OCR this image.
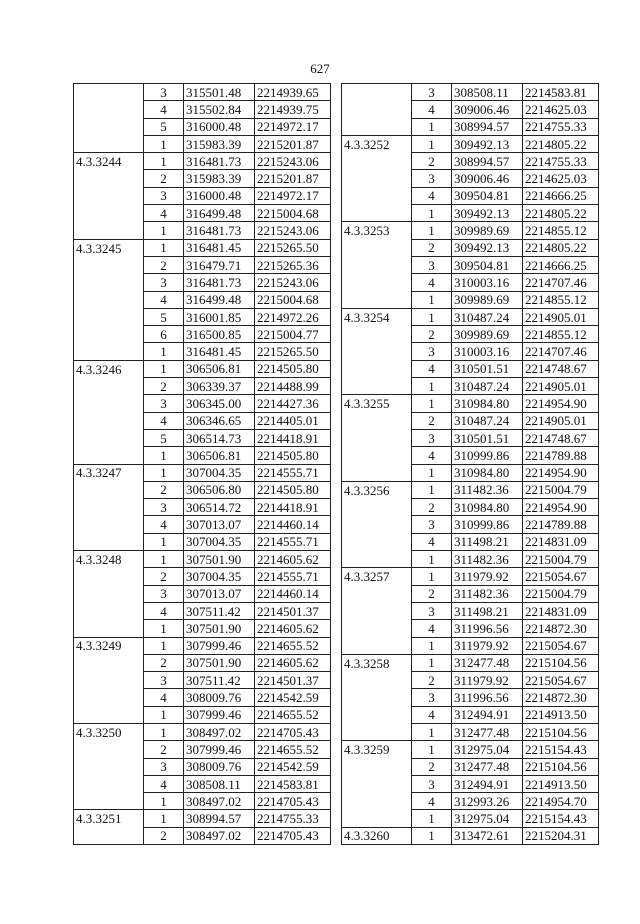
627
	3	315501.48	2214939.65
	4	315502.84	2214939.75
	5	316000.48	2214972.17
	1	315983.39	2215201.87
4.3.3244	1	316481.73	2215243.06
	2	315983.39	2215201.87
	3	316000.48	2214972.17
	4	316499.48	2215004.68
	1	316481.73	2215243.06
4.3.3245	1	316481.45	2215265.50
	2	316479.71	2215265.36
	3	316481.73	2215243.06
	4	316499.48	2215004.68
	5	316001.85	2214972.26
	6	316500.85	2215004.77
	1	316481.45	2215265.50
4.3.3246	1	306506.81	2214505.80
	2	306339.37	2214488.99
	3	306345.00	2214427.36
	4	306346.65	2214405.01
	5	306514.73	2214418.91
	1	306506.81	2214505.80
4.3.3247	1	307004.35	2214555.71
	2	306506.80	2214505.80
	3	306514.72	2214418.91
	4	307013.07	2214460.14
	1	307004.35	2214555.71
4.3.3248	1	307501.90	2214605.62
	2	307004.35	2214555.71
	3	307013.07	2214460.14
	4	307511.42	2214501.37
	1	307501.90	2214605.62
4.3.3249	1	307999.46	2214655.52
	2	307501.90	2214605.62
	3	307511.42	2214501.37
	4	308009.76	2214542.59
	1	307999.46	2214655.52
4.3.3250	1	308497.02	2214705.43
	2	307999.46	2214655.52
	3	308009.76	2214542.59
	4	308508.11	2214583.81
	1	308497.02	2214705.43
4.3.3251	1	308994.57	2214755.33
	2	308497.02	2214705.43
	3	308508.11	2214583.81
	4	309006.46	2214625.03
	1	308994.57	2214755.33
4.3.3252	1	309492.13	2214805.22
	2	308994.57	2214755.33
	3	309006.46	2214625.03
	4	309504.81	2214666.25
	1	309492.13	2214805.22
4.3.3253	1	309989.69	2214855.12
	2	309492.13	2214805.22
	3	309504.81	2214666.25
	4	310003.16	2214707.46
	1	309989.69	2214855.12
4.3.3254	1	310487.24	2214905.01
	2	309989.69	2214855.12
	3	310003.16	2214707.46
	4	310501.51	2214748.67
	1	310487.24	2214905.01
4.3.3255	1	310984.80	2214954.90
	2	310487.24	2214905.01
	3	310501.51	2214748.67
	4	310999.86	2214789.88
	1	310984.80	2214954.90
4.3.3256	1	311482.36	2215004.79
	2	310984.80	2214954.90
	3	310999.86	2214789.88
	4	311498.21	2214831.09
	1	311482.36	2215004.79
4.3.3257	1	311979.92	2215054.67
	2	311482.36	2215004.79
	3	311498.21	2214831.09
	4	311996.56	2214872.30
	1	311979.92	2215054.67
4.3.3258	1	312477.48	2215104.56
	2	311979.92	2215054.67
	3	311996.56	2214872.30
	4	312494.91	2214913.50
	1	312477.48	2215104.56
4.3.3259	1	312975.04	2215154.43
	2	312477.48	2215104.56
	3	312494.91	2214913.50
	4	312993.26	2214954.70
	1	312975.04	2215154.43
4.3.3260	1	313472.61	2215204.31
